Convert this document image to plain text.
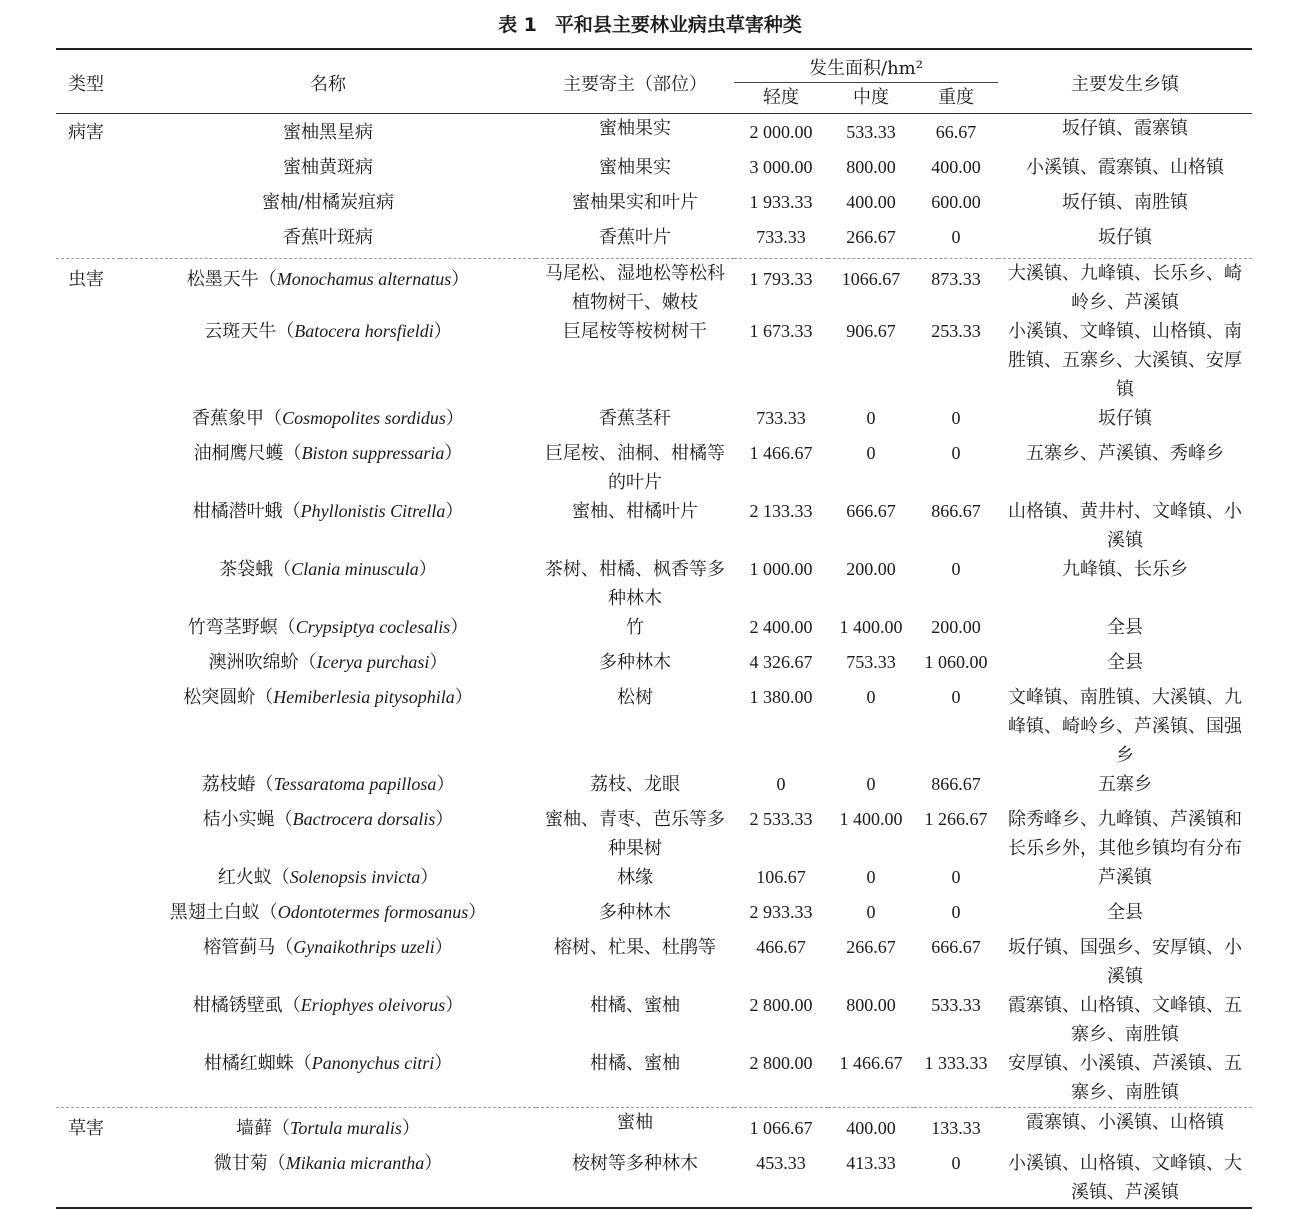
表 1 平和县主要林业病虫草害种类
类型	名称	主要寄主（部位）	发生面积/hm²			主要发生乡镇
			轻度	中度	重度	
病害	蜜柚黑星病	蜜柚果实	2 000.00	533.33	66.67	坂仔镇、霞寨镇
	蜜柚黄斑病	蜜柚果实	3 000.00	800.00	400.00	小溪镇、霞寨镇、山格镇
	蜜柚/柑橘炭疽病	蜜柚果实和叶片	1 933.33	400.00	600.00	坂仔镇、南胜镇
	香蕉叶斑病	香蕉叶片	733.33	266.67	0	坂仔镇
虫害	松墨天牛（Monochamus alternatus）	马尾松、湿地松等松科植物树干、嫩枝	1 793.33	1066.67	873.33	大溪镇、九峰镇、长乐乡、崎岭乡、芦溪镇
	云斑天牛（Batocera horsfieldi）	巨尾桉等桉树树干	1 673.33	906.67	253.33	小溪镇、文峰镇、山格镇、南胜镇、五寨乡、大溪镇、安厚镇
	香蕉象甲（Cosmopolites sordidus）	香蕉茎秆	733.33	0	0	坂仔镇
	油桐鹰尺蠖（Biston suppressaria）	巨尾桉、油桐、柑橘等的叶片	1 466.67	0	0	五寨乡、芦溪镇、秀峰乡
	柑橘潜叶蛾（Phyllonistis Citrella）	蜜柚、柑橘叶片	2 133.33	666.67	866.67	山格镇、黄井村、文峰镇、小溪镇
	茶袋蛾（Clania minuscula）	茶树、柑橘、枫香等多种林木	1 000.00	200.00	0	九峰镇、长乐乡
	竹弯茎野螟（Crypsiptya coclesalis）	竹	2 400.00	1 400.00	200.00	全县
	澳洲吹绵蚧（Icerya purchasi）	多种林木	4 326.67	753.33	1 060.00	全县
	松突圆蚧（Hemiberlesia pitysophila）	松树	1 380.00	0	0	文峰镇、南胜镇、大溪镇、九峰镇、崎岭乡、芦溪镇、国强乡
	荔枝蝽（Tessaratoma papillosa）	荔枝、龙眼	0	0	866.67	五寨乡
	桔小实蝇（Bactrocera dorsalis）	蜜柚、青枣、芭乐等多种果树	2 533.33	1 400.00	1 266.67	除秀峰乡、九峰镇、芦溪镇和长乐乡外，其他乡镇均有分布
	红火蚁（Solenopsis invicta）	林缘	106.67	0	0	芦溪镇
	黑翅土白蚁（Odontotermes formosanus）	多种林木	2 933.33	0	0	全县
	榕管蓟马（Gynaikothrips uzeli）	榕树、杧果、杜鹃等	466.67	266.67	666.67	坂仔镇、国强乡、安厚镇、小溪镇
	柑橘锈壁虱（Eriophyes oleivorus）	柑橘、蜜柚	2 800.00	800.00	533.33	霞寨镇、山格镇、文峰镇、五寨乡、南胜镇
	柑橘红蜘蛛（Panonychus citri）	柑橘、蜜柚	2 800.00	1 466.67	1 333.33	安厚镇、小溪镇、芦溪镇、五寨乡、南胜镇
草害	墙藓（Tortula muralis）	蜜柚	1 066.67	400.00	133.33	霞寨镇、小溪镇、山格镇
	微甘菊（Mikania micrantha）	桉树等多种林木	453.33	413.33	0	小溪镇、山格镇、文峰镇、大溪镇、芦溪镇
